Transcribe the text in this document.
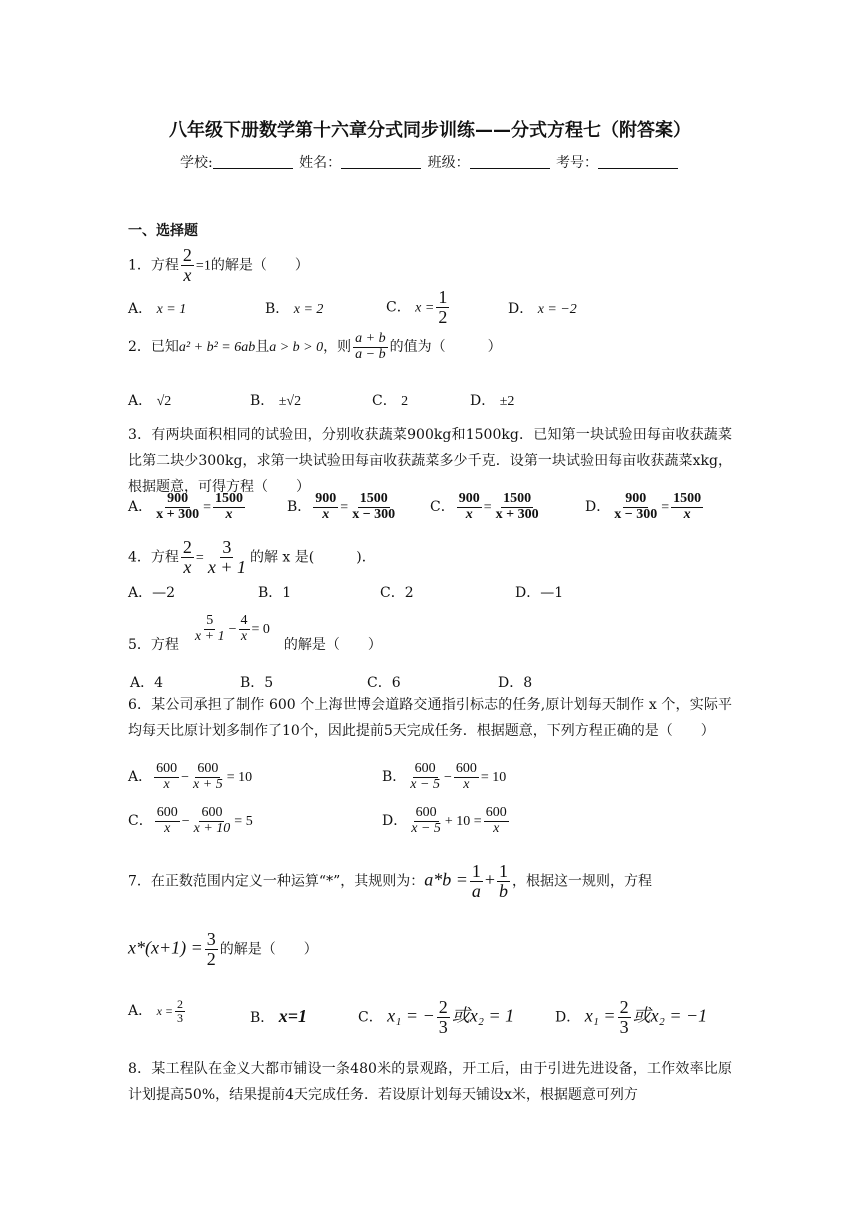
八年级下册数学第十六章分式同步训练——分式方程七（附答案）
学校:	姓名：	班级：	考号：
一、选择题
1．方程 $\frac{2}{x} =1$的解是（　　）
A． x = 1	B． x = 2	C． $x = \frac{1}{2}$	D． x = −2
2．已知a² + b² = 6ab且a > b > 0，则 $\frac{a + b}{a - b}$ 的值为（　　　）
A． √2	B． ±√2	C． 2	D． ±2
3．有两块面积相同的试验田，分别收获蔬菜900kg和1500kg．已知第一块试验田每亩收获蔬菜比第二块少300kg，求第一块试验田每亩收获蔬菜多少千克．设第一块试验田每亩收获蔬菜xkg，根据题意，可得方程（　　）
A． $\frac{900}{x + 300} = \frac{1500}{x}$	B． $\frac{900}{x} = \frac{1500}{x - 300}$ C． $\frac{900}{x} = \frac{1500}{x + 300}$	D． $\frac{900}{x - 300} = \frac{1500}{x}$
4．方程 $\frac{2}{x} = \frac{3}{x + 1}$ 的解 x 是(　　　)．
A．—2	B．1	C．2	D．—1
5．方程
$\frac{5}{x + 1} - \frac{4}{x} = 0$的解是（　　）
A．4	B．5	C．6	D．8
6．某公司承担了制作 600 个上海世博会道路交通指引标志的任务,原计划每天制作 x 个，实际平均每天比原计划多制作了10个，因此提前5天完成任务．根据题意，下列方程正确的是（　　）
A． $\frac{600}{x} - \frac{600}{x + 5} = 10$	B． $\frac{600}{x - 5} - \frac{600}{x} = 10$
C． $\frac{600}{x} - \frac{600}{x + 10} = 5$	D． $\frac{600}{x - 5} + 10 = \frac{600}{x}$
7．在正数范围内定义一种运算“*”，其规则为：$a*b = \frac{1}{a} + \frac{1}{b}$ ，根据这一规则，方程
$x*(x+1) = \frac{3}{2}$ 的解是（　　）
A． $x = \frac{2}{3}$	B． x=1	C． x₁ = − $\frac{2}{3}$ 或x₂ = 1	D． $x_1 = \frac{2}{3}$ 或x₂ = −1
8．某工程队在金义大都市铺设一条480米的景观路，开工后，由于引进先进设备，工作效率比原计划提高50%，结果提前4天完成任务．若设原计划每天铺设x米，根据题意可列方
